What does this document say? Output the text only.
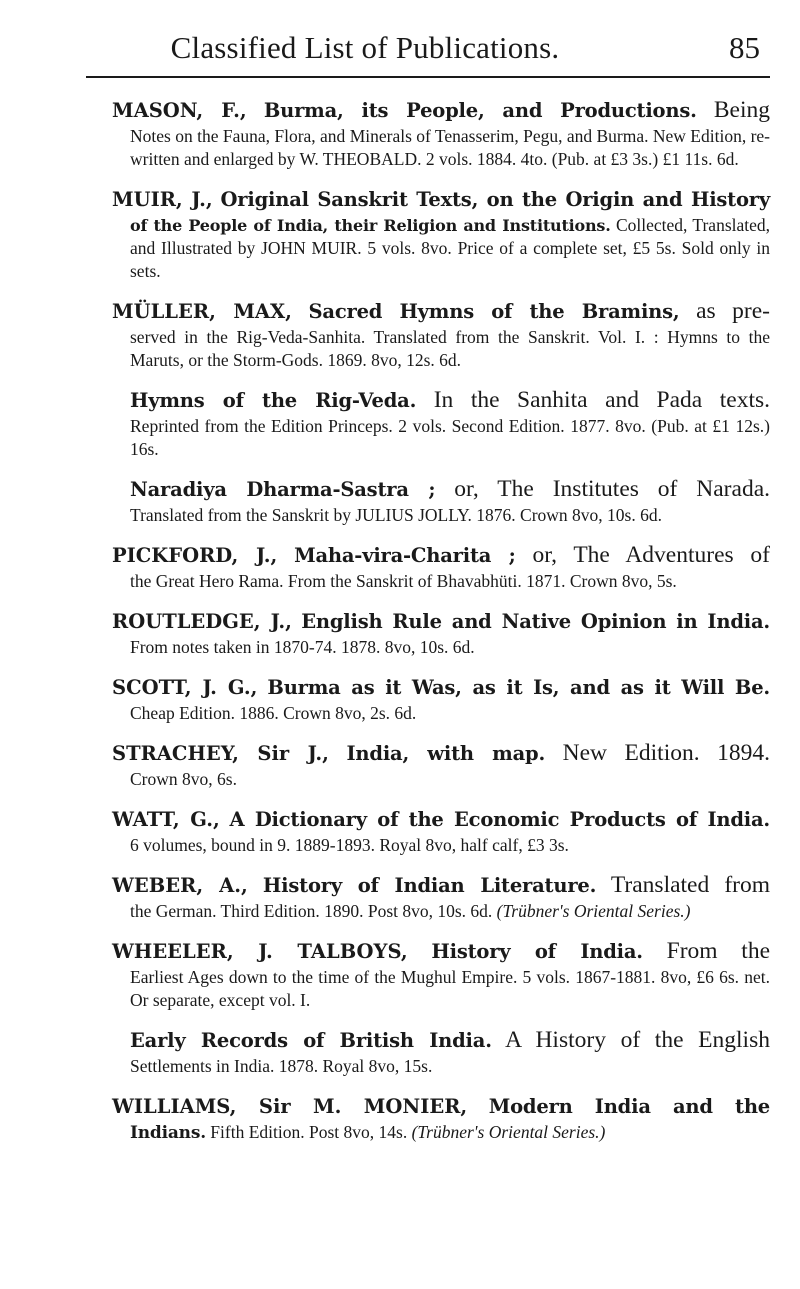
Classified List of Publications.	85

MASON, F., Burma, its People, and Productions. Being

Notes on the Fauna, Flora, and Minerals of Tenasserim, Pegu, and Burma. New Edition, re-written and enlarged by W. THEOBALD. 2 vols. 1884. 4to. (Pub. at £3 3s.) £1 11s. 6d.

MUIR, J., Original Sanskrit Texts, on the Origin and History

of the People of India, their Religion and Institutions. Collected, Translated, and Illustrated by JOHN MUIR. 5 vols. 8vo. Price of a complete set, £5 5s. Sold only in sets.

MÜLLER, MAX, Sacred Hymns of the Bramins, as pre-

served in the Rig-Veda-Sanhita. Translated from the Sanskrit. Vol. I. : Hymns to the Maruts, or the Storm-Gods. 1869. 8vo, 12s. 6d.

Hymns of the Rig-Veda. In the Sanhita and Pada texts.

Reprinted from the Edition Princeps. 2 vols. Second Edition. 1877. 8vo. (Pub. at £1 12s.) 16s.

Naradiya Dharma-Sastra ; or, The Institutes of Narada.

Translated from the Sanskrit by JULIUS JOLLY. 1876. Crown 8vo, 10s. 6d.

PICKFORD, J., Maha-vira-Charita ; or, The Adventures of

the Great Hero Rama. From the Sanskrit of Bhavabhüti. 1871. Crown 8vo, 5s.

ROUTLEDGE, J., English Rule and Native Opinion in India.

From notes taken in 1870-74. 1878. 8vo, 10s. 6d.

SCOTT, J. G., Burma as it Was, as it Is, and as it Will Be.

Cheap Edition. 1886. Crown 8vo, 2s. 6d.

STRACHEY, Sir J., India, with map. New Edition. 1894.

Crown 8vo, 6s.

WATT, G., A Dictionary of the Economic Products of India.

6 volumes, bound in 9. 1889-1893. Royal 8vo, half calf, £3 3s.

WEBER, A., History of Indian Literature. Translated from

the German. Third Edition. 1890. Post 8vo, 10s. 6d. (Trübner's Oriental Series.)

WHEELER, J. TALBOYS, History of India. From the

Earliest Ages down to the time of the Mughul Empire. 5 vols. 1867-1881. 8vo, £6 6s. net. Or separate, except vol. I.

Early Records of British India. A History of the English

Settlements in India. 1878. Royal 8vo, 15s.

WILLIAMS, Sir M. MONIER, Modern India and the

Indians. Fifth Edition. Post 8vo, 14s. (Trübner's Oriental Series.)
